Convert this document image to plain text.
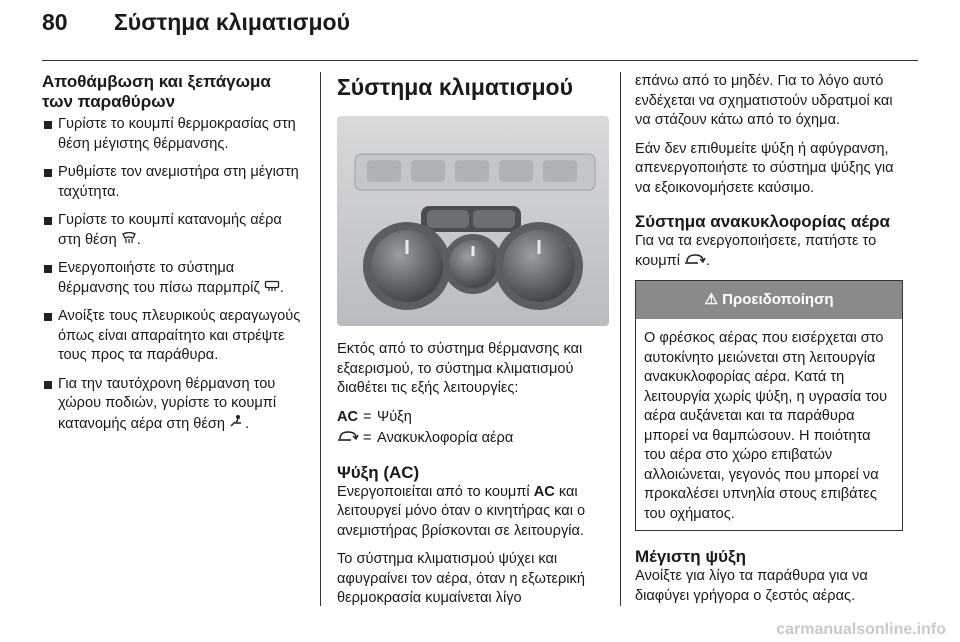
80 Σύστημα κλιματισμού
Αποθάμβωση και ξεπάγωμα των παραθύρων
Γυρίστε το κουμπί θερμοκρασίας στη θέση μέγιστης θέρμανσης.
Ρυθμίστε τον ανεμιστήρα στη μέγιστη ταχύτητα.
Γυρίστε το κουμπί κατανομής αέρα στη θέση .
Ενεργοποιήστε το σύστημα θέρμανσης του πίσω παρμπρίζ .
Ανοίξτε τους πλευρικούς αεραγωγούς όπως είναι απαραίτητο και στρέψτε τους προς τα παράθυρα.
Για την ταυτόχρονη θέρμανση του χώρου ποδιών, γυρίστε το κουμπί κατανομής αέρα στη θέση .
Σύστημα κλιματισμού

Εκτός από το σύστημα θέρμανσης και εξαερισμού, το σύστημα κλιματισμού διαθέτει τις εξής λειτουργίες:

AC = Ψύξη
= Ανακυκλοφορία αέρα
Ψύξη (AC)

Ενεργοποιείται από το κουμπί AC και λειτουργεί μόνο όταν ο κινητήρας και ο ανεμιστήρας βρίσκονται σε λειτουργία.

Το σύστημα κλιματισμού ψύχει και αφυγραίνει τον αέρα, όταν η εξωτερική θερμοκρασία κυμαίνεται λίγο

επάνω από το μηδέν. Για το λόγο αυτό ενδέχεται να σχηματιστούν υδρατμοί και να στάζουν κάτω από το όχημα.

Εάν δεν επιθυμείτε ψύξη ή αφύγρανση, απενεργοποιήστε το σύστημα ψύξης για να εξοικονομήσετε καύσιμο.

Σύστημα ανακυκλοφορίας αέρα

Για να τα ενεργοποιήσετε, πατήστε το κουμπί .

⚠ Προειδοποίηση
Ο φρέσκος αέρας που εισέρχεται στο αυτοκίνητο μειώνεται στη λειτουργία ανακυκλοφορίας αέρα. Κατά τη λειτουργία χωρίς ψύξη, η υγρασία του αέρα αυξάνεται και τα παράθυρα μπορεί να θαμπώσουν. Η ποιότητα του αέρα στο χώρο επιβατών αλλοιώνεται, γεγονός που μπορεί να προκαλέσει υπνηλία στους επιβάτες του οχήματος.
Μέγιστη ψύξη

Ανοίξτε για λίγο τα παράθυρα για να διαφύγει γρήγορα ο ζεστός αέρας.

carmanualsonline.info
